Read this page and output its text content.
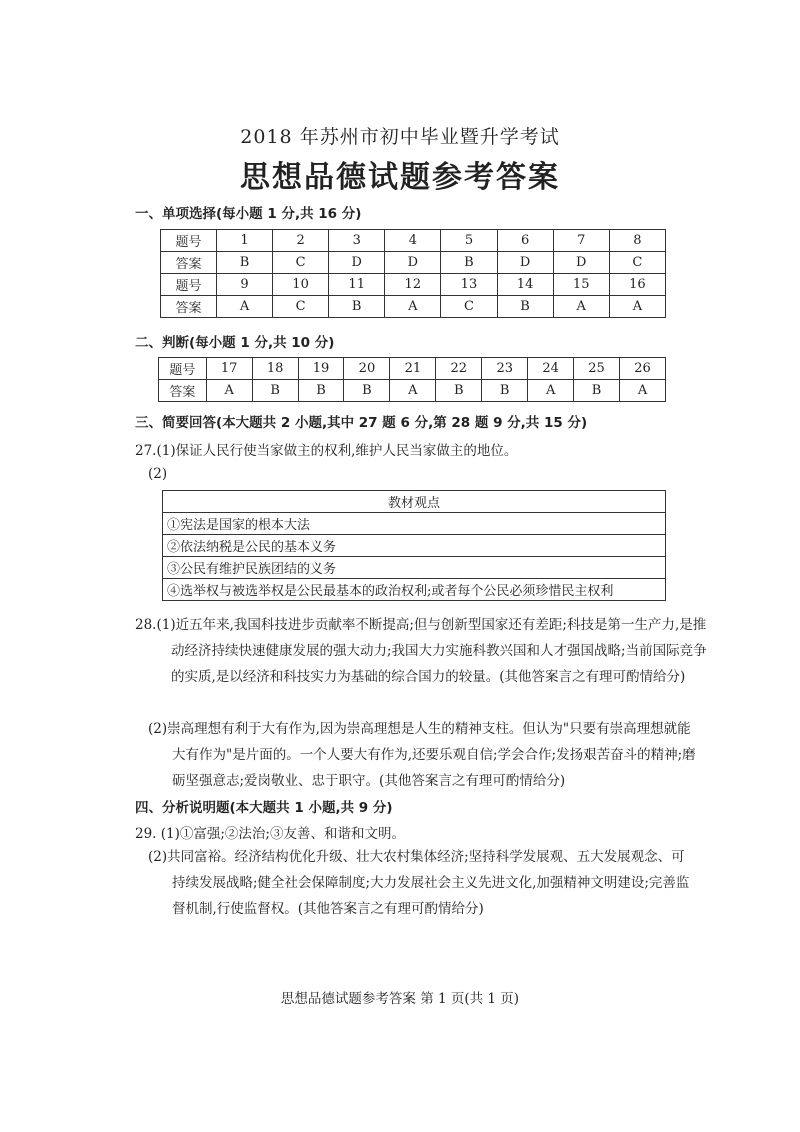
2018 年苏州市初中毕业暨升学考试
思想品德试题参考答案
一、单项选择(每小题 1 分,共 16 分)
题号	1	2	3	4	5	6	7	8
答案	B	C	D	D	B	D	D	C
题号	9	10	11	12	13	14	15	16
答案	A	C	B	A	C	B	A	A
二、判断(每小题 1 分,共 10 分)
题号	17	18	19	20	21	22	23	24	25	26
答案	A	B	B	B	A	B	B	A	B	A
三、简要回答(本大题共 2 小题,其中 27 题 6 分,第 28 题 9 分,共 15 分)
27.(1)保证人民行使当家做主的权利,维护人民当家做主的地位。
(2)
教材观点
①宪法是国家的根本大法
②依法纳税是公民的基本义务
③公民有维护民族团结的义务
④选举权与被选举权是公民最基本的政治权利;或者每个公民必须珍惜民主权利
28.(1)近五年来,我国科技进步贡献率不断提高;但与创新型国家还有差距;科技是第一生产力,是推动经济持续快速健康发展的强大动力;我国大力实施科教兴国和人才强国战略;当前国际竞争的实质,是以经济和科技实力为基础的综合国力的较量。(其他答案言之有理可酌情给分)
(2)崇高理想有利于大有作为,因为崇高理想是人生的精神支柱。但认为"只要有崇高理想就能大有作为"是片面的。一个人要大有作为,还要乐观自信;学会合作;发扬艰苦奋斗的精神;磨砺坚强意志;爱岗敬业、忠于职守。(其他答案言之有理可酌情给分)
四、分析说明题(本大题共 1 小题,共 9 分)
29. (1)①富强;②法治;③友善、和谐和文明。
(2)共同富裕。经济结构优化升级、壮大农村集体经济;坚持科学发展观、五大发展观念、可持续发展战略;健全社会保障制度;大力发展社会主义先进文化,加强精神文明建设;完善监督机制,行使监督权。(其他答案言之有理可酌情给分)
思想品德试题参考答案 第 1 页(共 1 页)
